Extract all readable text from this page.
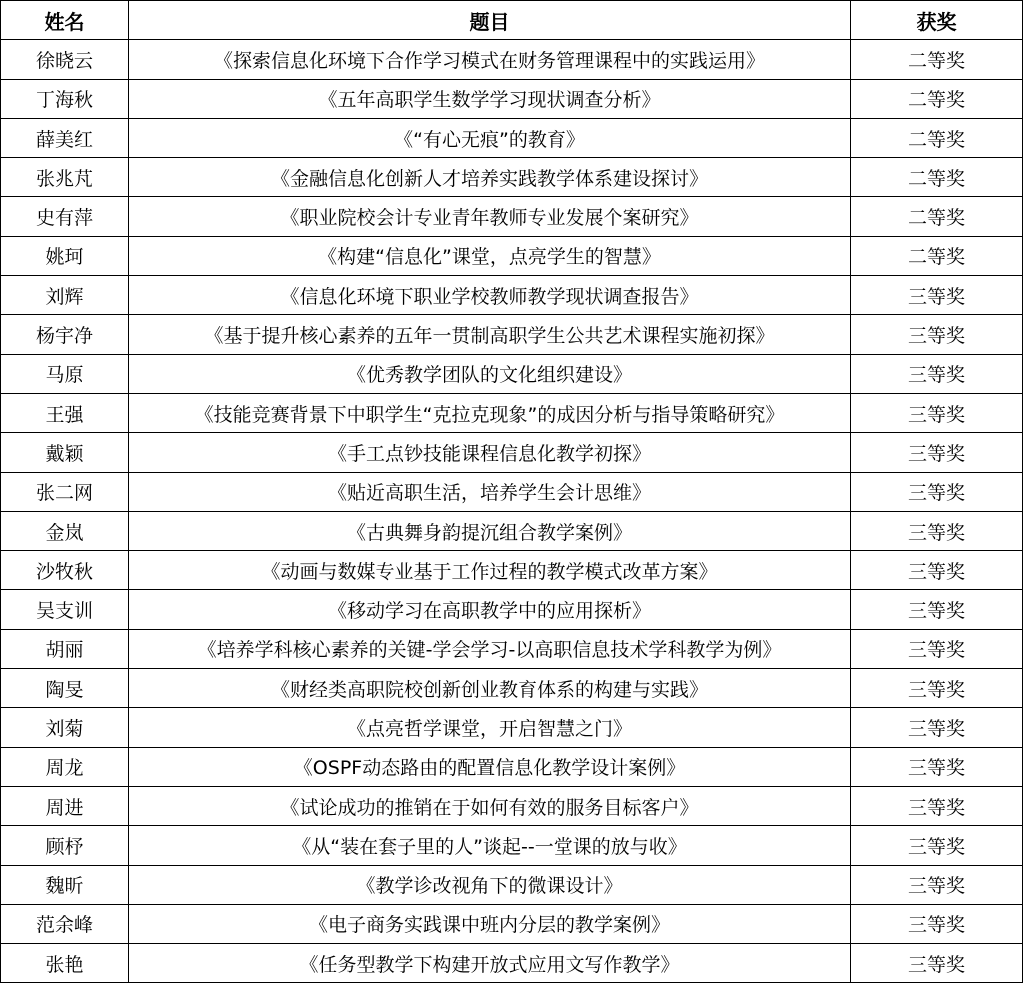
姓名	题目	获奖
徐晓云	《探索信息化环境下合作学习模式在财务管理课程中的实践运用》	二等奖
丁海秋	《五年高职学生数学学习现状调查分析》	二等奖
薛美红	《“有心无痕”的教育》	二等奖
张兆芃	《金融信息化创新人才培养实践教学体系建设探讨》	二等奖
史有萍	《职业院校会计专业青年教师专业发展个案研究》	二等奖
姚珂	《构建“信息化”课堂，点亮学生的智慧》	二等奖
刘辉	《信息化环境下职业学校教师教学现状调查报告》	三等奖
杨宇净	《基于提升核心素养的五年一贯制高职学生公共艺术课程实施初探》	三等奖
马原	《优秀教学团队的文化组织建设》	三等奖
王强	《技能竞赛背景下中职学生“克拉克现象”的成因分析与指导策略研究》	三等奖
戴颖	《手工点钞技能课程信息化教学初探》	三等奖
张二网	《贴近高职生活，培养学生会计思维》	三等奖
金岚	《古典舞身韵提沉组合教学案例》	三等奖
沙牧秋	《动画与数媒专业基于工作过程的教学模式改革方案》	三等奖
吴支训	《移动学习在高职教学中的应用探析》	三等奖
胡丽	《培养学科核心素养的关键-学会学习-以高职信息技术学科教学为例》	三等奖
陶旻	《财经类高职院校创新创业教育体系的构建与实践》	三等奖
刘菊	《点亮哲学课堂，开启智慧之门》	三等奖
周龙	《OSPF动态路由的配置信息化教学设计案例》	三等奖
周进	《试论成功的推销在于如何有效的服务目标客户》	三等奖
顾杼	《从“装在套子里的人”谈起--一堂课的放与收》	三等奖
魏昕	《教学诊改视角下的微课设计》	三等奖
范余峰	《电子商务实践课中班内分层的教学案例》	三等奖
张艳	《任务型教学下构建开放式应用文写作教学》	三等奖
